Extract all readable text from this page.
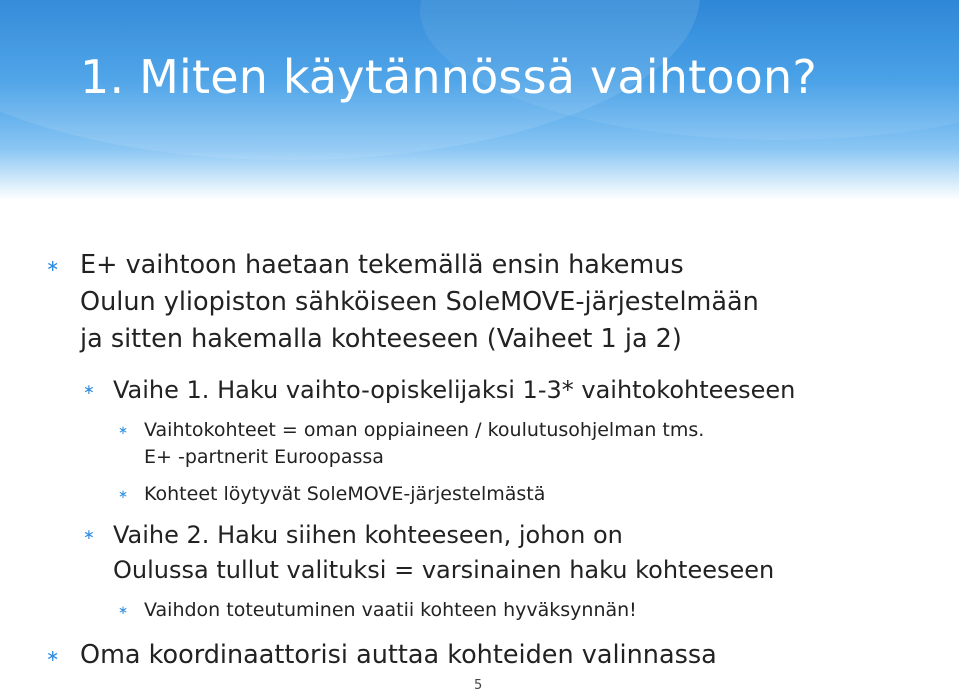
1. Miten käytännössä vaihtoon?
∗ E+ vaihtoon haetaan tekemällä ensin hakemus
Oulun yliopiston sähköiseen SoleMOVE-järjestelmään
ja sitten hakemalla kohteeseen (Vaiheet 1 ja 2)
∗ Vaihe 1. Haku vaihto-opiskelijaksi 1-3* vaihtokohteeseen
∗ Vaihtokohteet = oman oppiaineen / koulutusohjelman tms.
E+ -partnerit Euroopassa
∗ Kohteet löytyvät SoleMOVE-järjestelmästä
∗ Vaihe 2. Haku siihen kohteeseen, johon on
Oulussa tullut valituksi = varsinainen haku kohteeseen
∗ Vaihdon toteutuminen vaatii kohteen hyväksynnän!
∗ Oma koordinaattorisi auttaa kohteiden valinnassa
5
